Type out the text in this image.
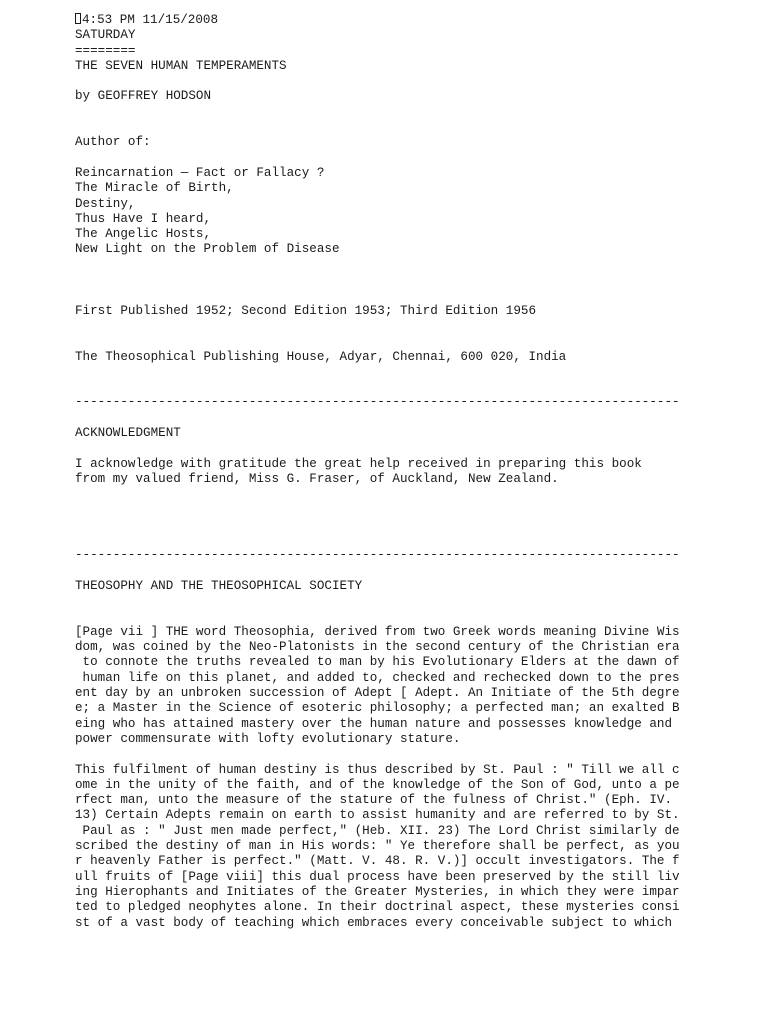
4:53 PM 11/15/2008
SATURDAY
========
THE SEVEN HUMAN TEMPERAMENTS
by GEOFFREY HODSON
Author of:
Reincarnation — Fact or Fallacy ?
The Miracle of Birth,
Destiny,
Thus Have I heard,
The Angelic Hosts,
New Light on the Problem of Disease
First Published 1952; Second Edition 1953; Third Edition 1956
The Theosophical Publishing House, Adyar, Chennai, 600 020, India
--------------------------------------------------------------------------------
ACKNOWLEDGMENT
I acknowledge with gratitude the great help received in preparing this book
from my valued friend, Miss G. Fraser, of Auckland, New Zealand.
--------------------------------------------------------------------------------
THEOSOPHY AND THE THEOSOPHICAL SOCIETY
[Page vii ] THE word Theosophia, derived from two Greek words meaning Divine Wis
dom, was coined by the Neo-Platonists in the second century of the Christian era
to connote the truths revealed to man by his Evolutionary Elders at the dawn of
human life on this planet, and added to, checked and rechecked down to the pres
ent day by an unbroken succession of Adept [ Adept. An Initiate of the 5th degre
e; a Master in the Science of esoteric philosophy; a perfected man; an exalted B
eing who has attained mastery over the human nature and possesses knowledge and
power commensurate with lofty evolutionary stature.
This fulfilment of human destiny is thus described by St. Paul : " Till we all c
ome in the unity of the faith, and of the knowledge of the Son of God, unto a pe
rfect man, unto the measure of the stature of the fulness of Christ." (Eph. IV.
13) Certain Adepts remain on earth to assist humanity and are referred to by St.
Paul as : " Just men made perfect," (Heb. XII. 23) The Lord Christ similarly de
scribed the destiny of man in His words: " Ye therefore shall be perfect, as you
r heavenly Father is perfect." (Matt. V. 48. R. V.)] occult investigators. The f
ull fruits of [Page viii] this dual process have been preserved by the still liv
ing Hierophants and Initiates of the Greater Mysteries, in which they were impar
ted to pledged neophytes alone. In their doctrinal aspect, these mysteries consi
st of a vast body of teaching which embraces every conceivable subject to which
